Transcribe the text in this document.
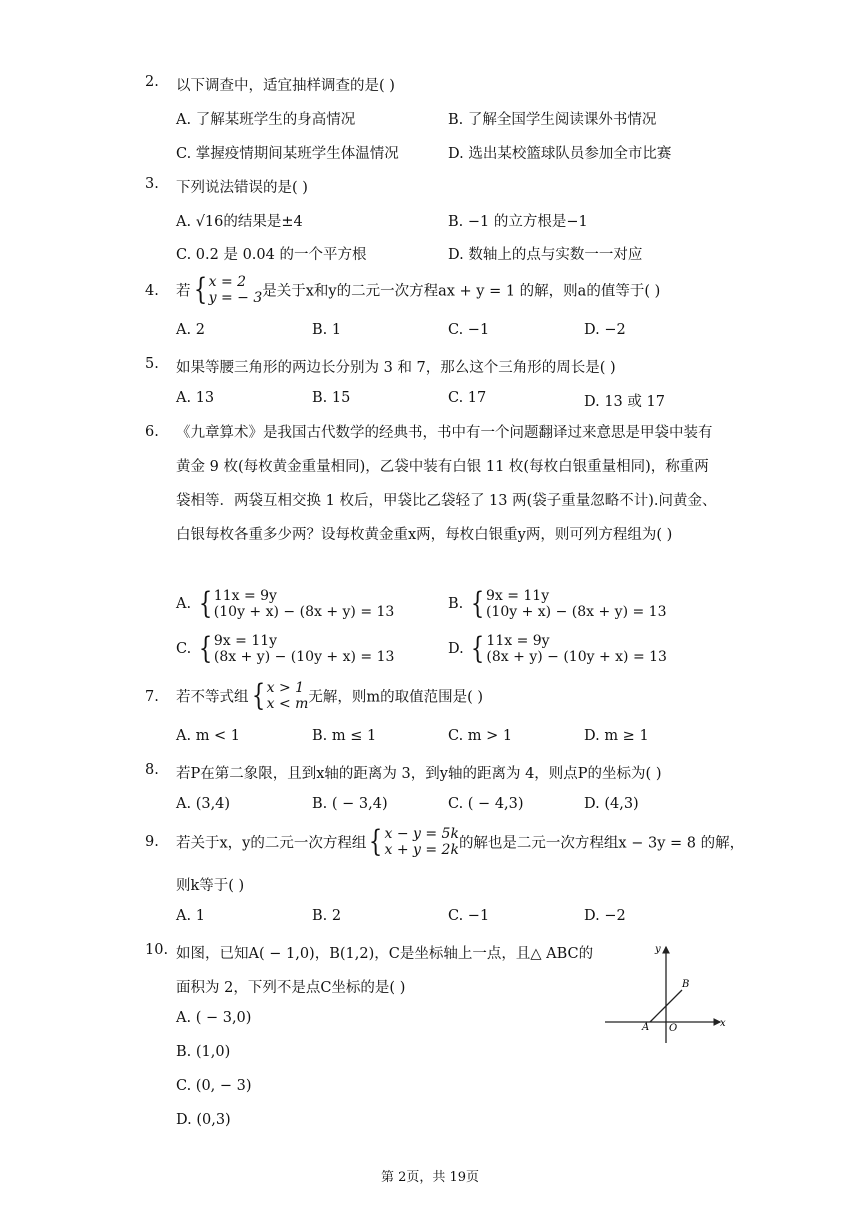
2. 以下调查中，适宜抽样调查的是( )
A. 了解某班学生的身高情况	B. 了解全国学生阅读课外书情况
C. 掌握疫情期间某班学生体温情况	D. 选出某校篮球队员参加全市比赛
3. 下列说法错误的是( )
A. √16的结果是±4	B. −1 的立方根是−1
C. 0.2 是 0.04 的一个平方根	D. 数轴上的点与实数一一对应
4. 若 { x = 2
y = − 3 是关于x和y的二元一次方程ax + y = 1 的解，则a的值等于( )
A. 2	B. 1	C. −1	D. −2
5. 如果等腰三角形的两边长分别为 3 和 7，那么这个三角形的周长是( )
A. 13	B. 15	C. 17	D. 13 或 17
6. 《九章算术》是我国古代数学的经典书，书中有一个问题翻译过来意思是甲袋中装有黄金 9 枚(每枚黄金重量相同)，乙袋中装有白银 11 枚(每枚白银重量相同)，称重两袋相等．两袋互相交换 1 枚后，甲袋比乙袋轻了 13 两(袋子重量忽略不计).问黄金、白银每枚各重多少两？设每枚黄金重x两，每枚白银重y两，则可列方程组为( )
A. { 11x = 9y
(10y + x) − (8x + y) = 13	B. { 9x = 11y
(10y + x) − (8x + y) = 13
C. { 9x = 11y
(8x + y) − (10y + x) = 13	D. { 11x = 9y
(8x + y) − (10y + x) = 13
7. 若不等式组 { x > 1
x < m 无解，则m的取值范围是( )
A. m < 1	B. m ≤ 1	C. m > 1	D. m ≥ 1
8. 若P在第二象限，且到x轴的距离为 3，到y轴的距离为 4，则点P的坐标为( )
A. (3,4)	B. ( − 3,4)	C. ( − 4,3)	D. (4,3)
9. 若关于x，y的二元一次方程组 { x − y = 5k
x + y = 2k 的解也是二元一次方程组x − 3y = 8 的解，
则k等于( )
A. 1	B. 2	C. −1	D. −2
10. 如图，已知A( − 1,0)，B(1,2)，C是坐标轴上一点，且△ ABC的
面积为 2，下列不是点C坐标的是( )
A. ( − 3,0)
B. (1,0)
C. (0, − 3)
D. (0,3)
y
x
A O
B
第 2页，共 19页
